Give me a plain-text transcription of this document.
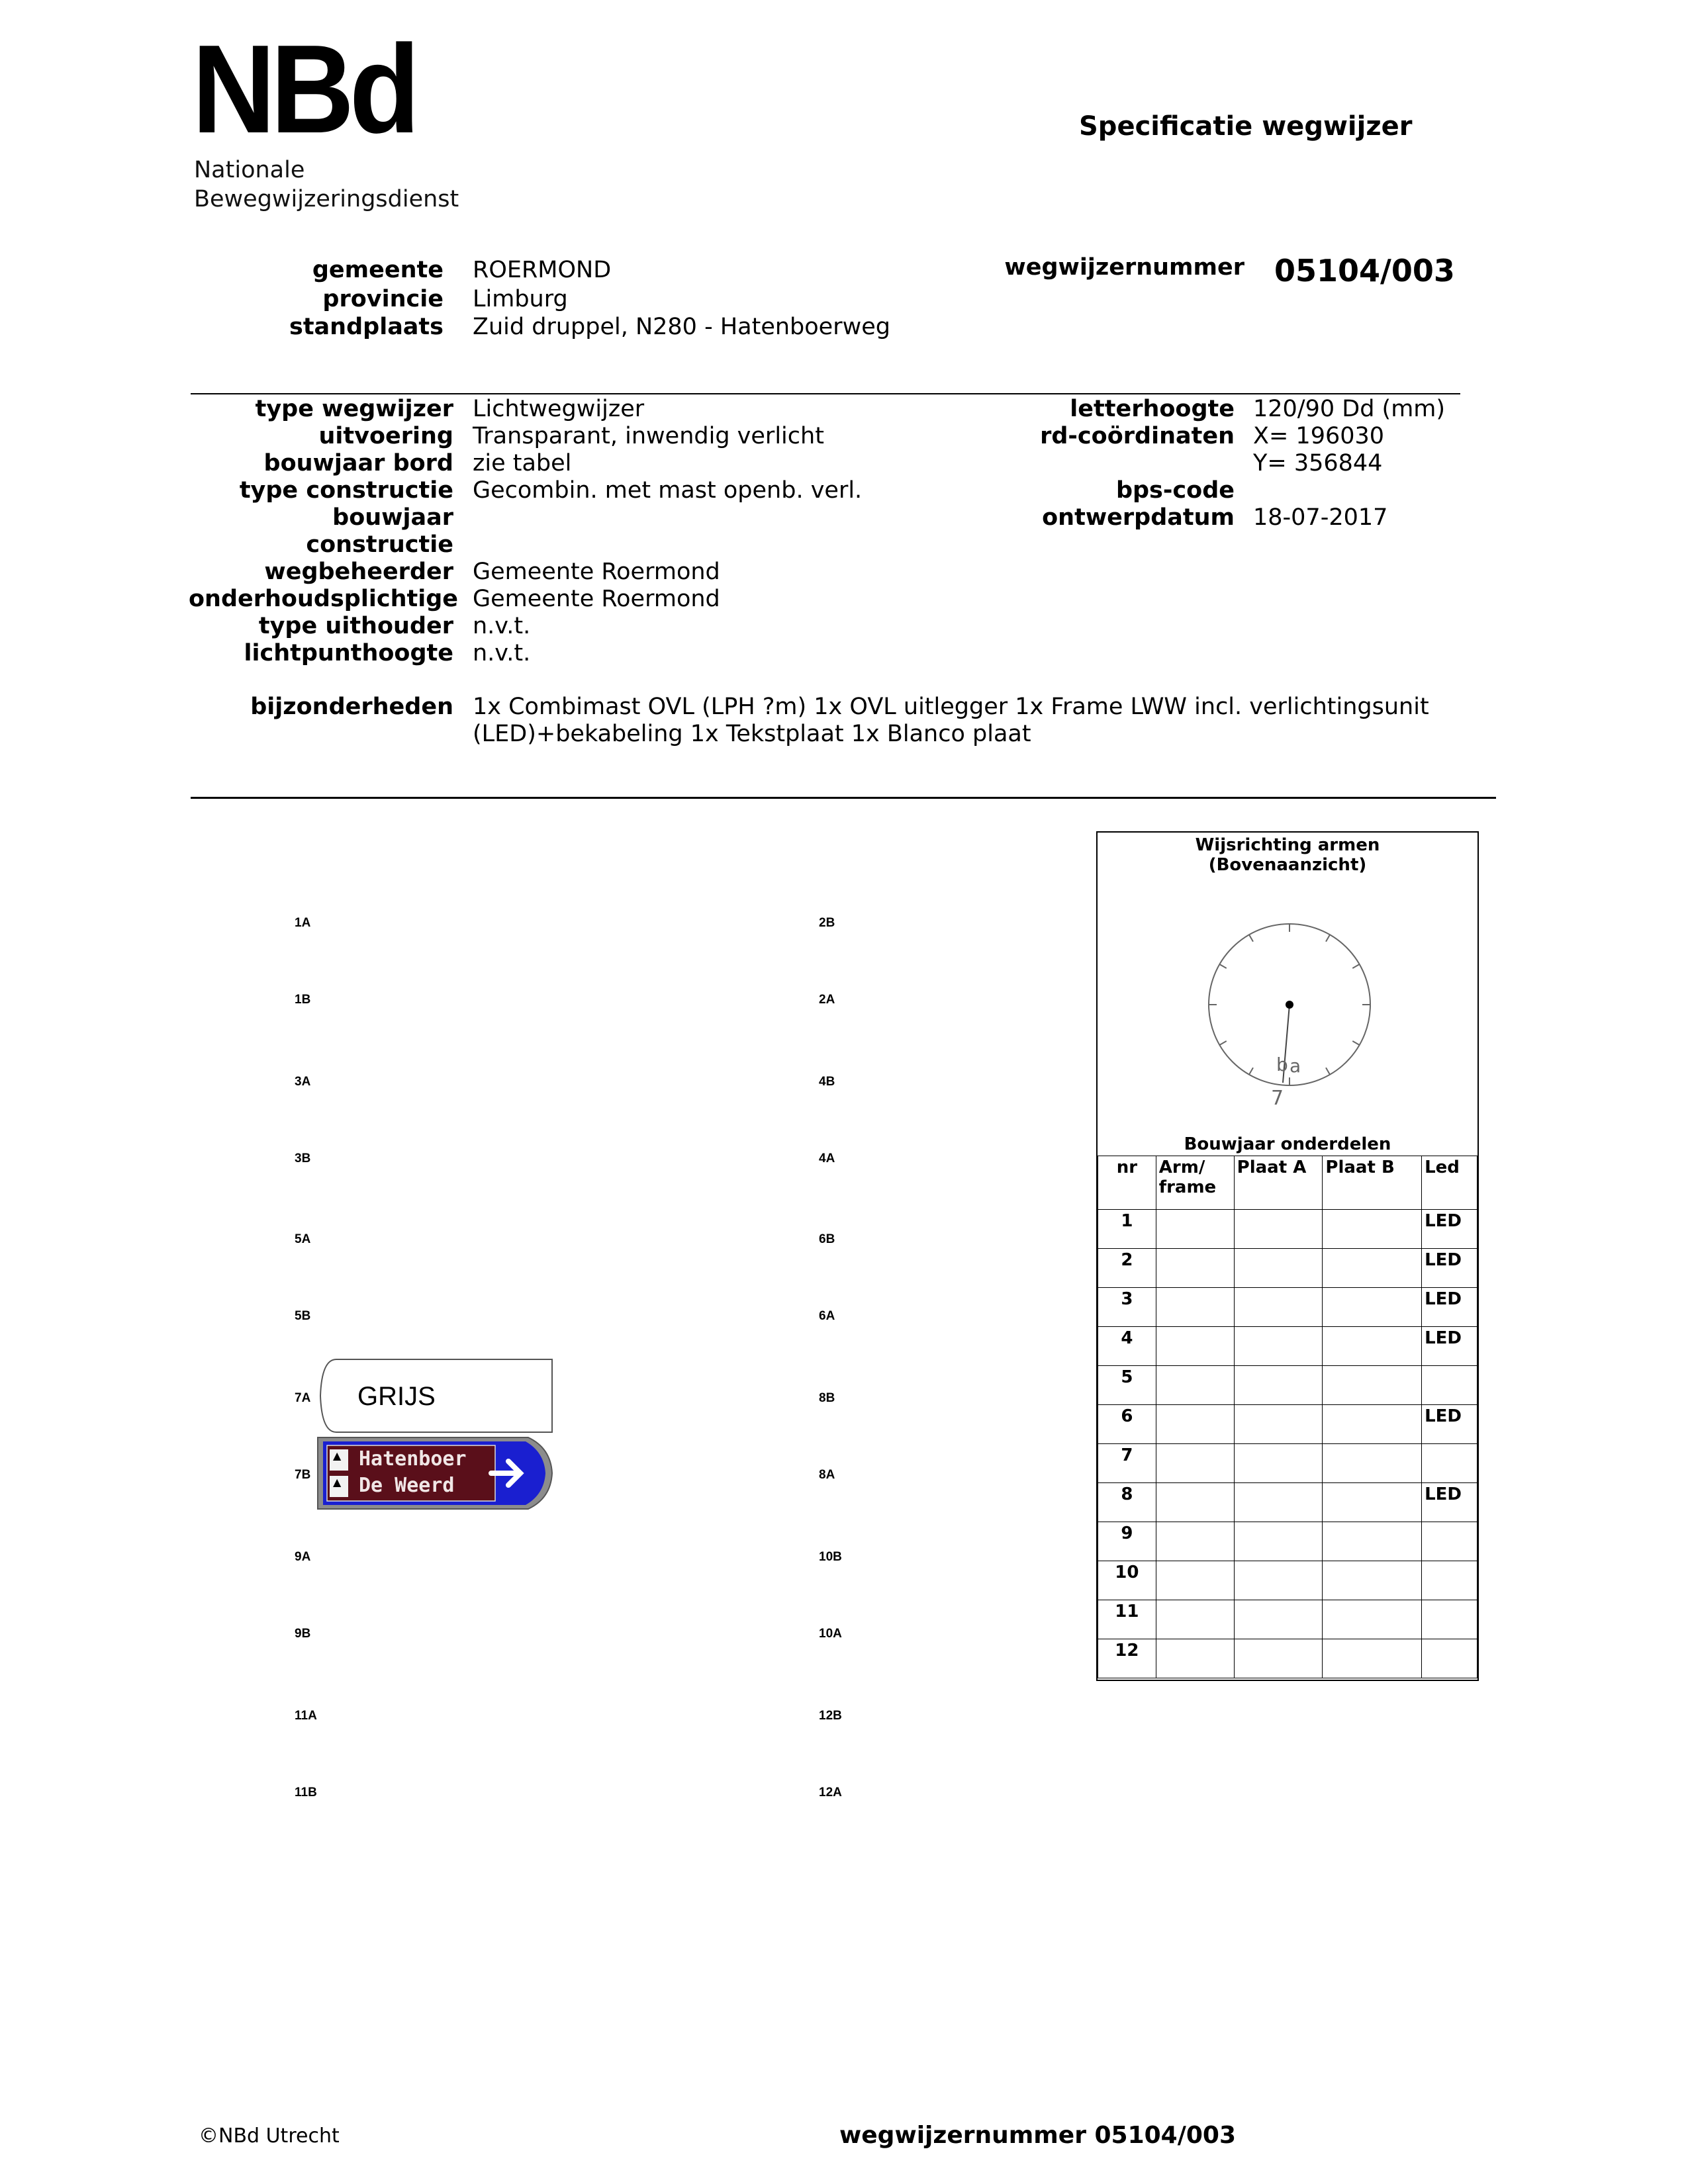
NBd
Nationale
Bewegwijzeringsdienst
Specificatie wegwijzer
gemeente ROERMOND
provincie Limburg
standplaats Zuid druppel, N280 - Hatenboerweg
wegwijzernummer 05104/003
type wegwijzer Lichtwegwijzer
uitvoering Transparant, inwendig verlicht
bouwjaar bord zie tabel
type constructie Gecombin. met mast openb. verl.
bouwjaar
constructie
wegbeheerder Gemeente Roermond
onderhoudsplichtige Gemeente Roermond
type uithouder n.v.t.
lichtpunthoogte n.v.t.
letterhoogte 120/90 Dd (mm)
rd-coördinaten X= 196030
Y= 356844
bps-code
ontwerpdatum 18-07-2017
bijzonderheden 1x Combimast OVL (LPH ?m) 1x OVL uitlegger 1x Frame LWW incl. verlichtingsunit
(LED)+bekabeling 1x Tekstplaat 1x Blanco plaat
1A
1B
3A
3B
5A
5B
7A
7B
9A
9B
11A
11B
2B
2A
4B
4A
6B
6A
8B
8A
10B
10A
12B
12A
GRIJS
▲
▲
Hatenboer
De Weerd
Wijsrichting armen
(Bovenaanzicht)
b a
7
Bouwjaar onderdelen
nr	Arm/ frame	Plaat A	Plaat B	Led
1				LED
2				LED
3				LED
4				LED
5				
6				LED
7				
8				LED
9				
10				
11				
12				
©NBd Utrecht	wegwijzernummer 05104/003
